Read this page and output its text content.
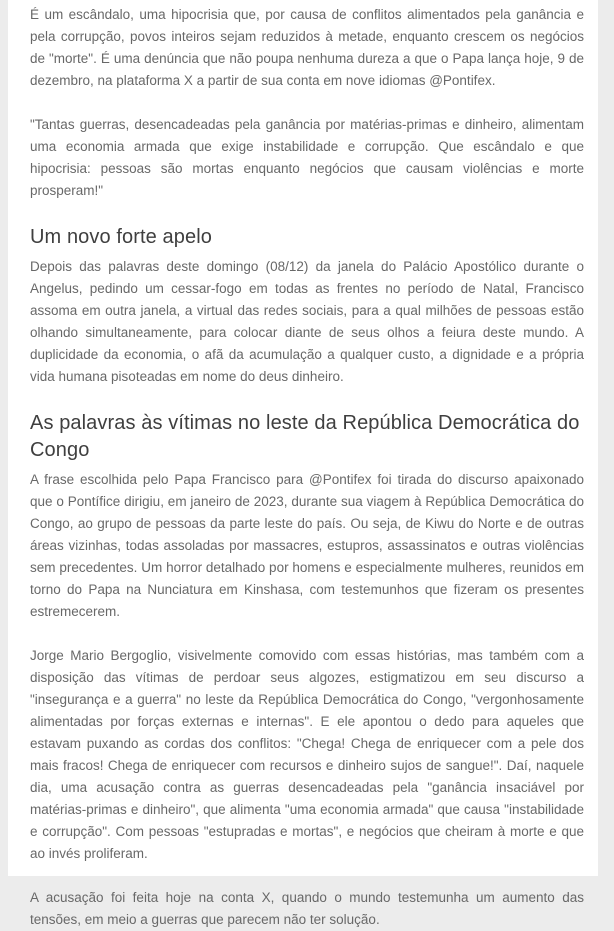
É um escândalo, uma hipocrisia que, por causa de conflitos alimentados pela ganância e pela corrupção, povos inteiros sejam reduzidos à metade, enquanto crescem os negócios de "morte". É uma denúncia que não poupa nenhuma dureza a que o Papa lança hoje, 9 de dezembro, na plataforma X a partir de sua conta em nove idiomas @Pontifex.

"Tantas guerras, desencadeadas pela ganância por matérias-primas e dinheiro, alimentam uma economia armada que exige instabilidade e corrupção. Que escândalo e que hipocrisia: pessoas são mortas enquanto negócios que causam violências e morte prosperam!"

Um novo forte apelo

Depois das palavras deste domingo (08/12) da janela do Palácio Apostólico durante o Angelus, pedindo um cessar-fogo em todas as frentes no período de Natal, Francisco assoma em outra janela, a virtual das redes sociais, para a qual milhões de pessoas estão olhando simultaneamente, para colocar diante de seus olhos a feiura deste mundo. A duplicidade da economia, o afã da acumulação a qualquer custo, a dignidade e a própria vida humana pisoteadas em nome do deus dinheiro.

As palavras às vítimas no leste da República Democrática do Congo

A frase escolhida pelo Papa Francisco para @Pontifex foi tirada do discurso apaixonado que o Pontífice dirigiu, em janeiro de 2023, durante sua viagem à República Democrática do Congo, ao grupo de pessoas da parte leste do país. Ou seja, de Kiwu do Norte e de outras áreas vizinhas, todas assoladas por massacres, estupros, assassinatos e outras violências sem precedentes. Um horror detalhado por homens e especialmente mulheres, reunidos em torno do Papa na Nunciatura em Kinshasa, com testemunhos que fizeram os presentes estremecerem.

Jorge Mario Bergoglio, visivelmente comovido com essas histórias, mas também com a disposição das vítimas de perdoar seus algozes, estigmatizou em seu discurso a "insegurança e a guerra" no leste da República Democrática do Congo, "vergonhosamente alimentadas por forças externas e internas". E ele apontou o dedo para aqueles que estavam puxando as cordas dos conflitos: "Chega! Chega de enriquecer com a pele dos mais fracos! Chega de enriquecer com recursos e dinheiro sujos de sangue!". Daí, naquele dia, uma acusação contra as guerras desencadeadas pela "ganância insaciável por matérias-primas e dinheiro", que alimenta "uma economia armada" que causa "instabilidade e corrupção". Com pessoas "estupradas e mortas", e negócios que cheiram à morte e que ao invés proliferam.

A acusação foi feita hoje na conta X, quando o mundo testemunha um aumento das tensões, em meio a guerras que parecem não ter solução.
